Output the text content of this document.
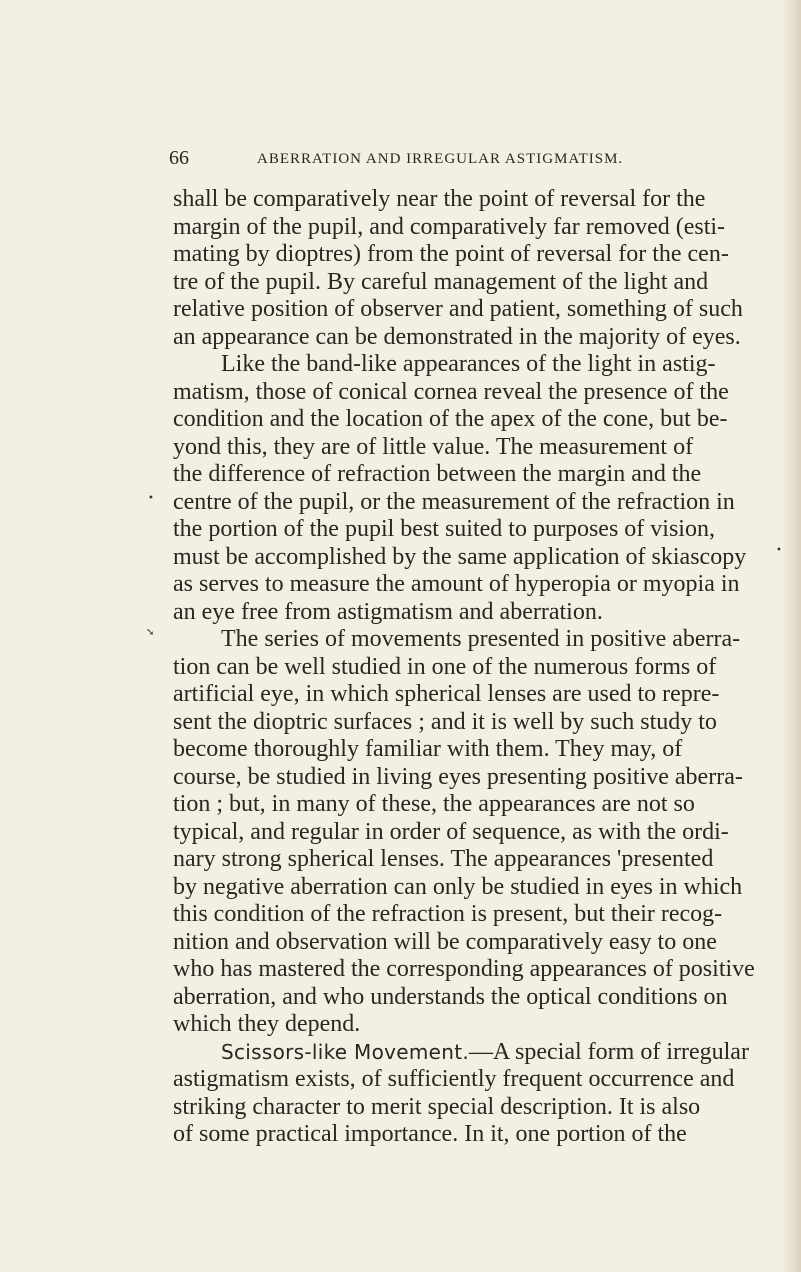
66	ABERRATION AND IRREGULAR ASTIGMATISM.
•
•
➘
shall be comparatively near the point of reversal for the
margin of the pupil, and comparatively far removed (esti-
mating by dioptres) from the point of reversal for the cen-
tre of the pupil. By careful management of the light and
relative position of observer and patient, something of such
an appearance can be demonstrated in the majority of eyes.
Like the band-like appearances of the light in astig-
matism, those of conical cornea reveal the presence of the
condition and the location of the apex of the cone, but be-
yond this, they are of little value. The measurement of
the difference of refraction between the margin and the
centre of the pupil, or the measurement of the refraction in
the portion of the pupil best suited to purposes of vision,
must be accomplished by the same application of skiascopy
as serves to measure the amount of hyperopia or myopia in
an eye free from astigmatism and aberration.
The series of movements presented in positive aberra-
tion can be well studied in one of the numerous forms of
artificial eye, in which spherical lenses are used to repre-
sent the dioptric surfaces ; and it is well by such study to
become thoroughly familiar with them. They may, of
course, be studied in living eyes presenting positive aberra-
tion ; but, in many of these, the appearances are not so
typical, and regular in order of sequence, as with the ordi-
nary strong spherical lenses. The appearances 'presented
by negative aberration can only be studied in eyes in which
this condition of the refraction is present, but their recog-
nition and observation will be comparatively easy to one
who has mastered the corresponding appearances of positive
aberration, and who understands the optical conditions on
which they depend.
Scissors-like Movement.—A special form of irregular
astigmatism exists, of sufficiently frequent occurrence and
striking character to merit special description. It is also
of some practical importance. In it, one portion of the
